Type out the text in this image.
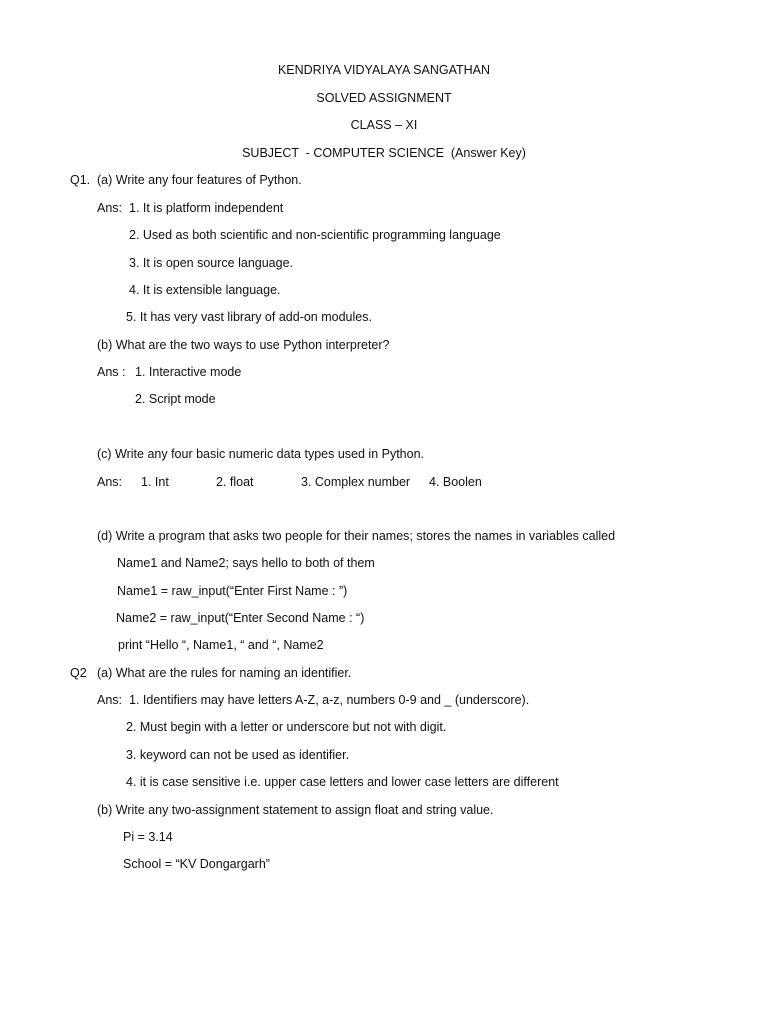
KENDRIYA VIDYALAYA SANGATHAN
SOLVED ASSIGNMENT
CLASS – XI
SUBJECT  - COMPUTER SCIENCE  (Answer Key)
Q1. (a) Write any four features of Python.
Ans: 1. It is platform independent
2. Used as both scientific and non-scientific programming language
3. It is open source language.
4. It is extensible language.
5. It has very vast library of add-on modules.
(b) What are the two ways to use Python interpreter?
Ans : 1. Interactive mode
2. Script mode
(c) Write any four basic numeric data types used in Python.
Ans: 1. Int	2. float	3. Complex number 4. Boolen
(d) Write a program that asks two people for their names; stores the names in variables called
Name1 and Name2; says hello to both of them
Name1 = raw_input(“Enter First Name : ”)
Name2 = raw_input(“Enter Second Name : “)
print “Hello “, Name1, “ and “, Name2
Q2 (a) What are the rules for naming an identifier.
Ans: 1. Identifiers may have letters A-Z, a-z, numbers 0-9 and _ (underscore).
2. Must begin with a letter or underscore but not with digit.
3. keyword can not be used as identifier.
4. it is case sensitive i.e. upper case letters and lower case letters are different
(b) Write any two-assignment statement to assign float and string value.
Pi = 3.14
School = “KV Dongargarh”
